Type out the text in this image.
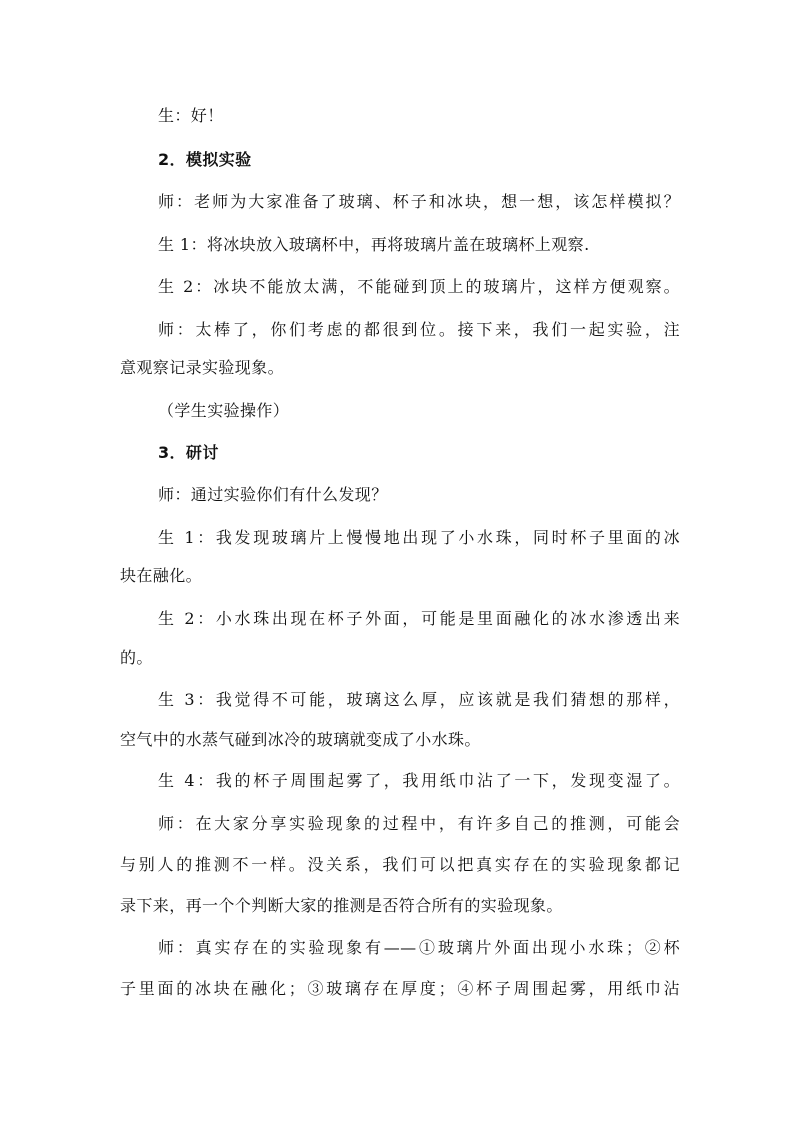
生：好！
2．模拟实验
师：老师为大家准备了玻璃、杯子和冰块，想一想，该怎样模拟？
生 1：将冰块放入玻璃杯中，再将玻璃片盖在玻璃杯上观察.
生 2：冰块不能放太满，不能碰到顶上的玻璃片，这样方便观察。
师：太棒了，你们考虑的都很到位。接下来，我们一起实验，注
意观察记录实验现象。
（学生实验操作）
3．研讨
师：通过实验你们有什么发现？
生 1：我发现玻璃片上慢慢地出现了小水珠，同时杯子里面的冰
块在融化。
生 2：小水珠出现在杯子外面，可能是里面融化的冰水渗透出来
的。
生 3：我觉得不可能，玻璃这么厚，应该就是我们猜想的那样，
空气中的水蒸气碰到冰冷的玻璃就变成了小水珠。
生 4：我的杯子周围起雾了，我用纸巾沾了一下，发现变湿了。
师：在大家分享实验现象的过程中，有许多自己的推测，可能会
与别人的推测不一样。没关系，我们可以把真实存在的实验现象都记
录下来，再一个个判断大家的推测是否符合所有的实验现象。
师：真实存在的实验现象有——①玻璃片外面出现小水珠；②杯
子里面的冰块在融化；③玻璃存在厚度；④杯子周围起雾，用纸巾沾
